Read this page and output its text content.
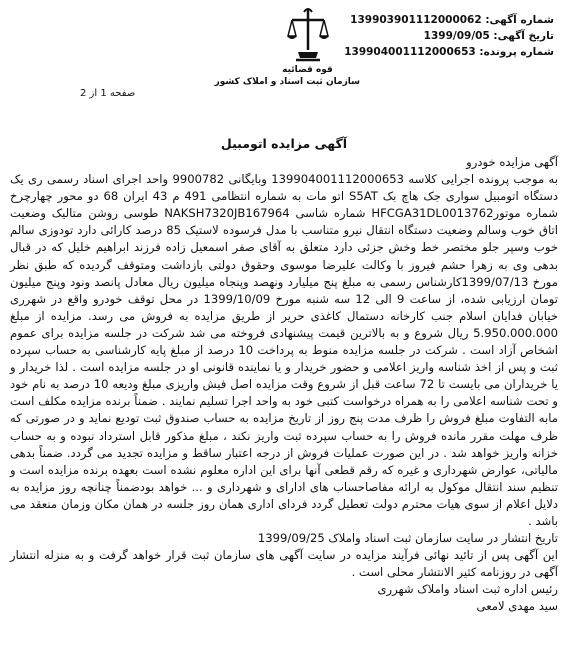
شماره آگهی: 139903901112000062
تاریخ آگهی: 1399/09/05
شماره پرونده: 139904001112000653
قوه قضائیه
سازمان ثبت اسناد و املاک کشور
صفحه 1 از 2
آگهی مزایده اتومبیل

آگهی مزایده خودرو

به موجب پرونده اجرایی کلاسه 139904001112000653 وبایگانی 9900782 واحد اجرای اسناد رسمی ری یک دستگاه اتومبیل سواری جک هاچ بک S5AT اتو مات به شماره انتظامی 491 م 43 ایران 68 دو محور چهارچرخ شماره موتورHFCGA31DL0013762 شماره شاسی NAKSH7320JB167964 طوسی روشن متالیک وضعیت اتاق خوب وسالم وضعیت دستگاه انتقال نیرو متناسب با مدل فرسوده لاستیک 85 درصد کارائی دارد تودوزی سالم خوب وسپر جلو مختصر خط وخش جزئی دارد متعلق به آقای صفر اسمعیل زاده فرزند ابراهیم خلیل که در قبال بدهی وی به زهرا حشم فیروز با وکالت علیرضا موسوی وحقوق دولتی بازداشت ومتوقف گردیده که طبق نظر مورخ 1399/07/13کارشناس رسمی به مبلغ پنج میلیارد ونهصد وپنجاه میلیون ریال معادل پانصد ونود وپنج میلیون تومان ارزیابی شده، از ساعت 9 الی 12 سه شنبه مورخ 1399/10/09 در محل توقف خودرو واقع در شهرری خیابان فدایان اسلام جنب کارخانه دستمال کاغذی حریر از طریق مزایده به فروش می رسد. مزایده از مبلغ 5.950.000.000 ریال شروع و به بالاترین قیمت پیشنهادی فروخته می شد شرکت در جلسه مزایده برای عموم اشخاص آزاد است . شرکت در جلسه مزایده منوط به پرداخت 10 درصد از مبلغ پایه کارشناسی به حساب سپرده ثبت و پس از اخذ شناسه واریز اعلامی و حضور خریدار و یا نماینده قانونی او در جلسه مزایده است . لذا خریدار و یا خریداران می بایست تا 72 ساعت قبل از شروع وقت مزایده اصل فیش واریزی مبلغ ودیعه 10 درصد به نام خود و تحت شناسه اعلامی را به همراه درخواست کتبی خود به واحد اجرا تسلیم نمایند . ضمناً برنده مزایده مکلف است مابه التفاوت مبلغ فروش را ظرف مدت پنج روز از تاریخ مزایده به حساب صندوق ثبت تودیع نماید و در صورتی که ظرف مهلت مقرر مانده فروش را به حساب سپرده ثبت واریز نکند ، مبلغ مذکور قابل استرداد نبوده و به حساب خزانه واریز خواهد شد . در این صورت عملیات فروش از درجه اعتبار ساقط و مزایده تجدید می گردد. ضمناً بدهی مالیاتی، عوارض شهرداری و غیره که رقم قطعی آنها برای این اداره معلوم نشده است بعهده برنده مزایده است و تنظیم سند انتقال موکول به ارائه مفاصاحساب های ادارای و شهرداری و ... خواهد بودضمناً چنانچه روز مزایده به دلایل اعلام از سوی هیات محترم دولت تعطیل گردد فردای اداری همان روز جلسه در همان مکان وزمان منعقد می باشد .

تاریخ انتشار در سایت سازمان ثبت اسناد واملاک 1399/09/25

این آگهی پس از تائید نهائی فرآیند مزایده در سایت آگهی های سازمان ثبت قرار خواهد گرفت و به منزله انتشار آگهی در روزنامه کثیر الانتشار محلی است .

رئیس اداره ثبت اسناد واملاک شهرری

سید مهدی لامعی
